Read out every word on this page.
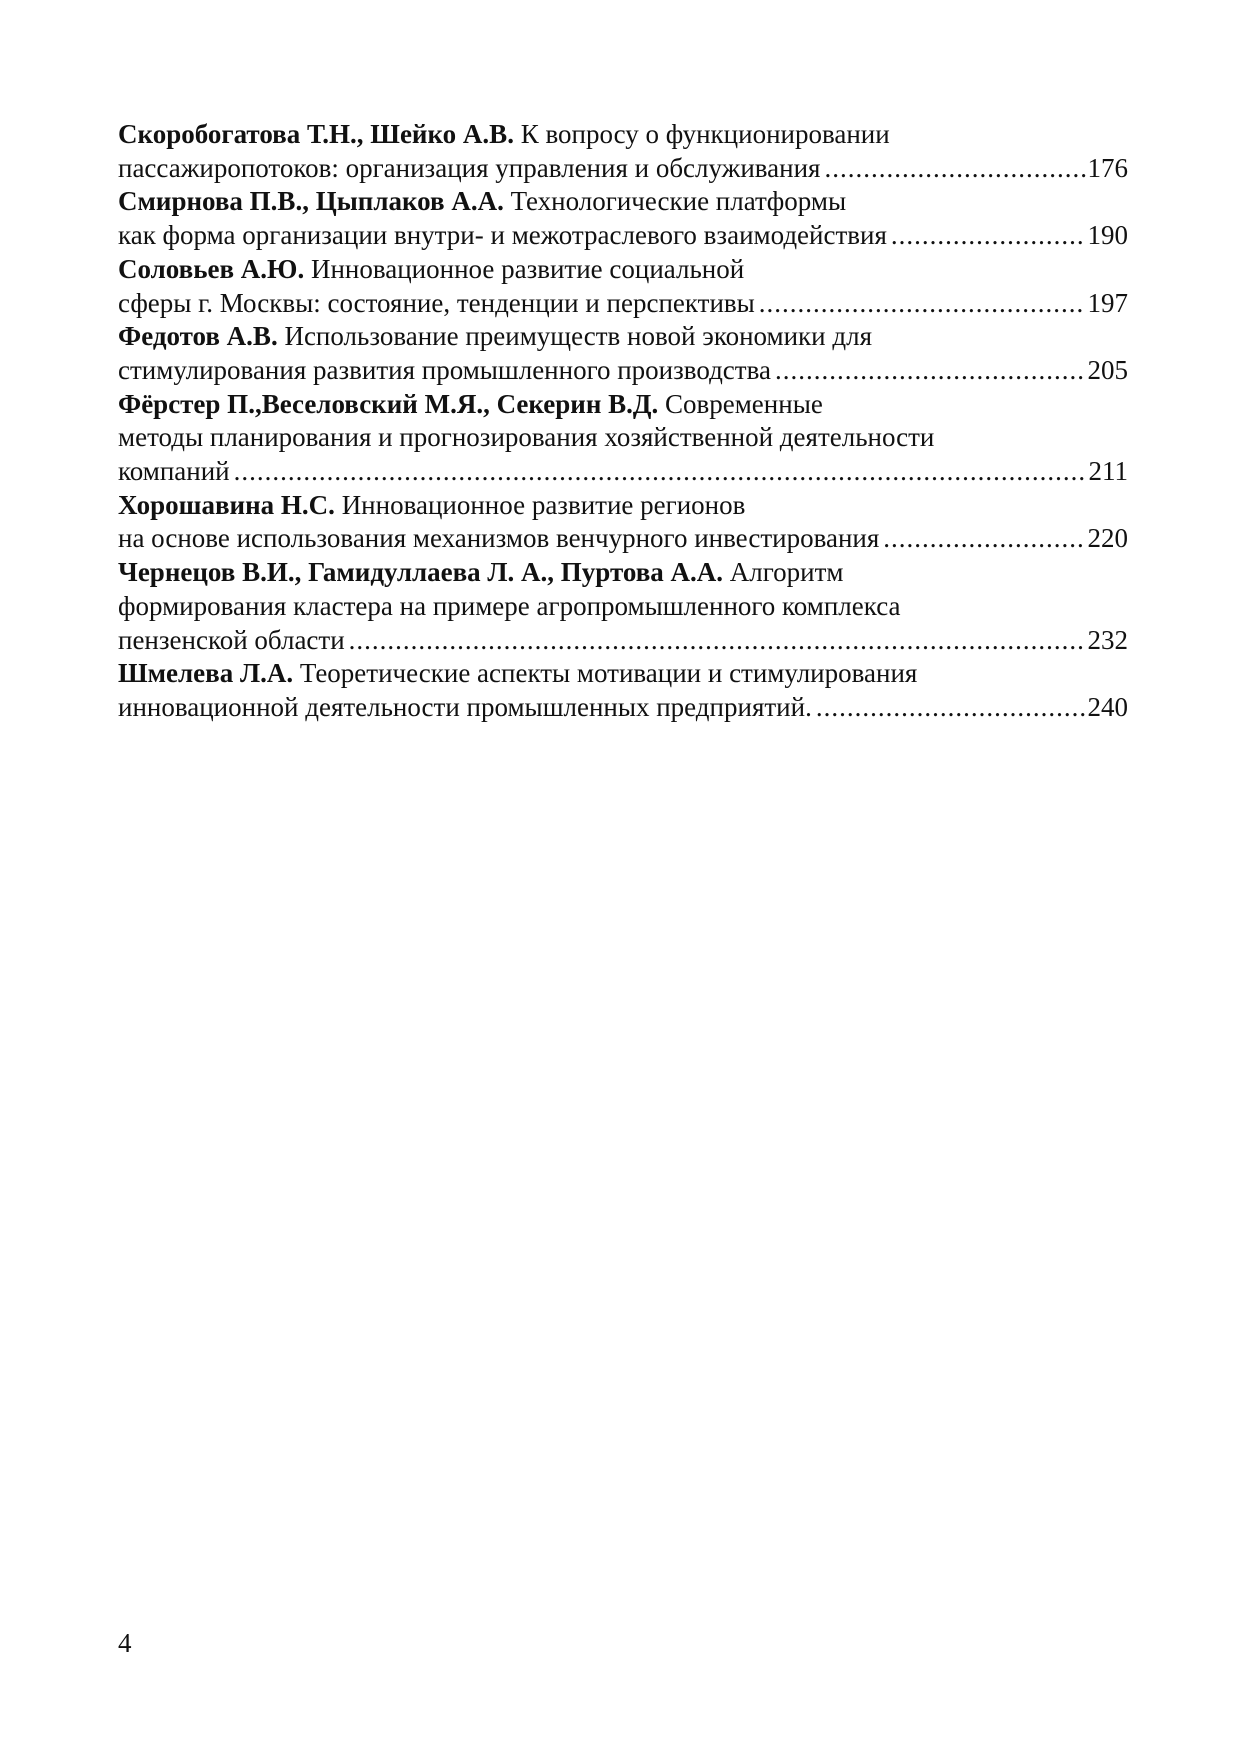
Скоробогатова Т.Н., Шейко А.В. К вопросу о функционировании
пассажиропотоков: организация управления и обслуживания .....	176
Смирнова П.В., Цыплаков А.А. Технологические платформы
как форма организации внутри- и межотраслевого взаимодействия .....	190
Соловьев А.Ю. Инновационное развитие социальной
сферы г. Москвы: состояние, тенденции и перспективы .....	197
Федотов А.В. Использование преимуществ новой экономики для
стимулирования развития промышленного производства .....	205
Фёрстер П.,Веселовский М.Я., Секерин В.Д. Современные
методы планирования и прогнозирования хозяйственной деятельности
компаний .....	211
Хорошавина Н.С. Инновационное развитие регионов
на основе использования механизмов венчурного инвестирования .....	220
Чернецов В.И., Гамидуллаева Л. А., Пуртова А.А. Алгоритм
формирования кластера на примере агропромышленного комплекса
пензенской области .....	232
Шмелева Л.А. Теоретические аспекты мотивации и стимулирования
инновационной деятельности промышленных предприятий. .....	240
4
